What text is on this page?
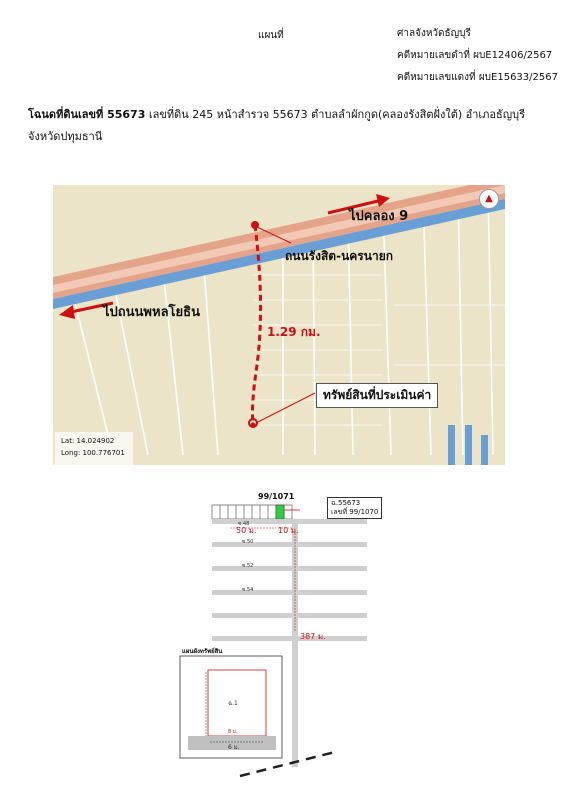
แผนที่	ศาลจังหวัดธัญบุรี
คดีหมายเลขดำที่ ผบE12406/2567
คดีหมายเลขแดงที่ ผบE15633/2567
โฉนดที่ดินเลขที่ 55673 เลขที่ดิน 245 หน้าสำรวจ 55673 ตำบลลำผักกูด(คลองรังสิตฝั่งใต้) อำเภอธัญบุรี
จังหวัดปทุมธานี
ไปคลอง 9
ไปถนนพหลโยธิน
ถนนรังสิต-นครนายก
1.29 กม.
ทรัพย์สินที่ประเมินค่า
▲
Lat: 14.024902
Long: 100.776701
99/1071
ฉ.55673
เลขที่ 99/1070
ซ.48
50 ม.	10 ม.
ซ.50
ซ.52
ซ.54
387 ม.
แผนผังทรัพย์สิน
ฉ.1
8 ม.
6 ม.
